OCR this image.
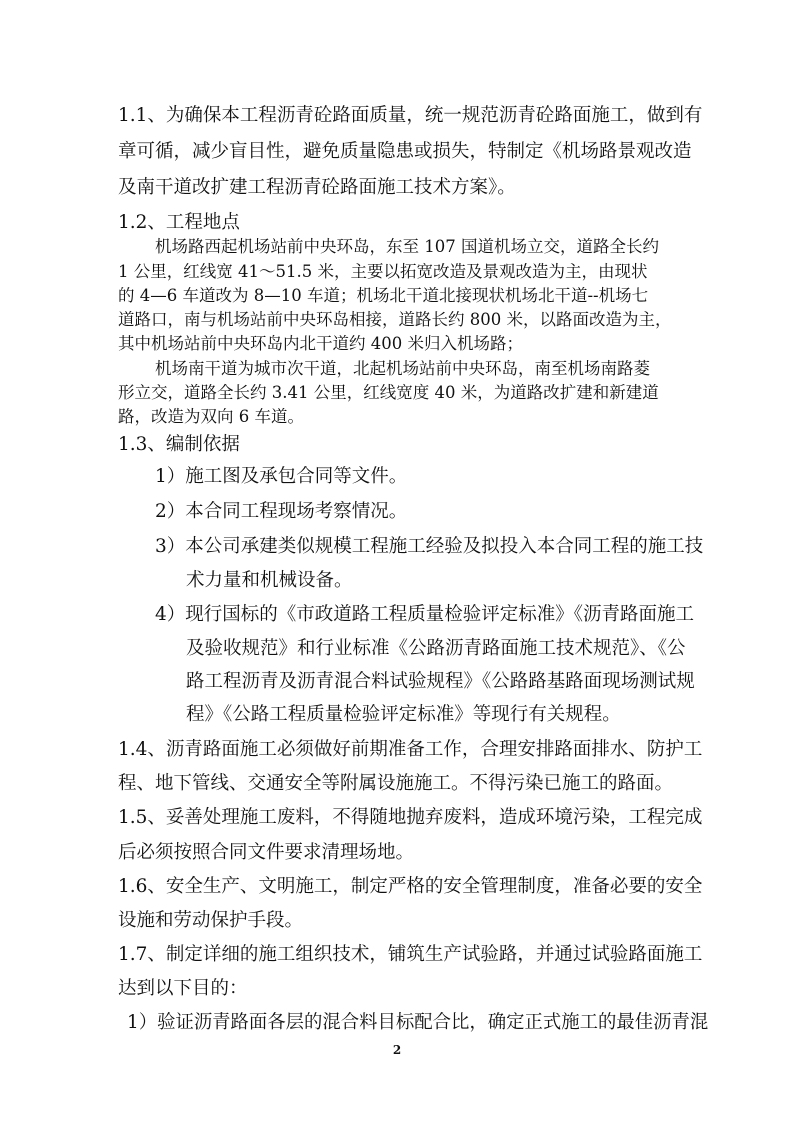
1.1、为确保本工程沥青砼路面质量，统一规范沥青砼路面施工，做到有

章可循，减少盲目性，避免质量隐患或损失，特制定《机场路景观改造

及南干道改扩建工程沥青砼路面施工技术方案》。

1.2、工程地点

机场路西起机场站前中央环岛，东至 107 国道机场立交，道路全长约

1 公里，红线宽 41～51.5 米，主要以拓宽改造及景观改造为主，由现状

的 4—6 车道改为 8—10 车道；机场北干道北接现状机场北干道--机场七

道路口，南与机场站前中央环岛相接，道路长约 800 米，以路面改造为主，

其中机场站前中央环岛内北干道约 400 米归入机场路；

机场南干道为城市次干道，北起机场站前中央环岛，南至机场南路菱

形立交，道路全长约 3.41 公里，红线宽度 40 米，为道路改扩建和新建道

路，改造为双向 6 车道。

1.3、编制依据

1）施工图及承包合同等文件。

2）本合同工程现场考察情况。

3）本公司承建类似规模工程施工经验及拟投入本合同工程的施工技

术力量和机械设备。

4）现行国标的《市政道路工程质量检验评定标准》《沥青路面施工

及验收规范》和行业标准《公路沥青路面施工技术规范》、《公

路工程沥青及沥青混合料试验规程》《公路路基路面现场测试规

程》《公路工程质量检验评定标准》等现行有关规程。

1.4、沥青路面施工必须做好前期准备工作，合理安排路面排水、防护工

程、地下管线、交通安全等附属设施施工。不得污染已施工的路面。

1.5、妥善处理施工废料，不得随地抛弃废料，造成环境污染，工程完成

后必须按照合同文件要求清理场地。

1.6、安全生产、文明施工，制定严格的安全管理制度，准备必要的安全

设施和劳动保护手段。

1.7、制定详细的施工组织技术，铺筑生产试验路，并通过试验路面施工

达到以下目的：

1）验证沥青路面各层的混合料目标配合比，确定正式施工的最佳沥青混

2
